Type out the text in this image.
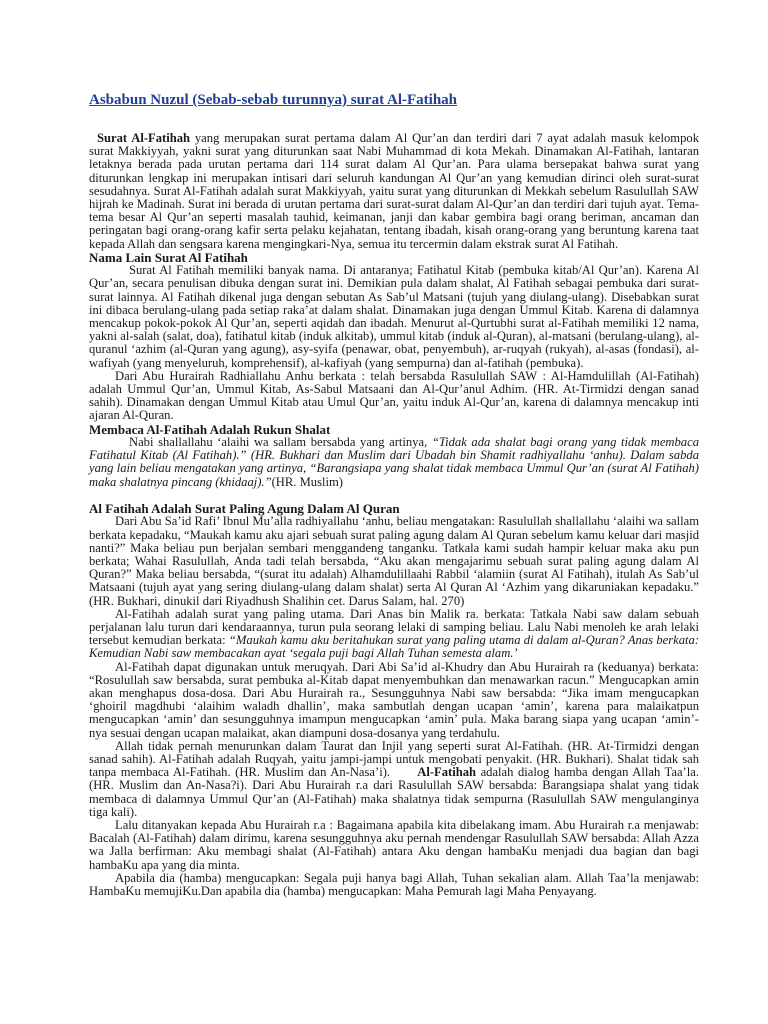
Asbabun Nuzul (Sebab-sebab turunnya) surat Al-Fatihah

Surat Al-Fatihah yang merupakan surat pertama dalam Al Qur’an dan terdiri dari 7 ayat adalah masuk kelompok surat Makkiyyah, yakni surat yang diturunkan saat Nabi Muhammad di kota Mekah. Dinamakan Al-Fatihah, lantaran letaknya berada pada urutan pertama dari 114 surat dalam Al Qur’an. Para ulama bersepakat bahwa surat yang diturunkan lengkap ini merupakan intisari dari seluruh kandungan Al Qur’an yang kemudian dirinci oleh surat-surat sesudahnya. Surat Al-Fatihah adalah surat Makkiyyah, yaitu surat yang diturunkan di Mekkah sebelum Rasulullah SAW hijrah ke Madinah. Surat ini berada di urutan pertama dari surat-surat dalam Al-Qur’an dan terdiri dari tujuh ayat. Tema-tema besar Al Qur’an seperti masalah tauhid, keimanan, janji dan kabar gembira bagi orang beriman, ancaman dan peringatan bagi orang-orang kafir serta pelaku kejahatan, tentang ibadah, kisah orang-orang yang beruntung karena taat kepada Allah dan sengsara karena mengingkari-Nya, semua itu tercermin dalam ekstrak surat Al Fatihah.

Nama Lain Surat Al Fatihah

Surat Al Fatihah memiliki banyak nama. Di antaranya; Fatihatul Kitab (pembuka kitab/Al Qur’an). Karena Al Qur’an, secara penulisan dibuka dengan surat ini. Demikian pula dalam shalat, Al Fatihah sebagai pembuka dari surat-surat lainnya. Al Fatihah dikenal juga dengan sebutan As Sab’ul Matsani (tujuh yang diulang-ulang). Disebabkan surat ini dibaca berulang-ulang pada setiap raka’at dalam shalat. Dinamakan juga dengan Ummul Kitab. Karena di dalamnya mencakup pokok-pokok Al Qur’an, seperti aqidah dan ibadah. Menurut al-Qurtubhi surat al-Fatihah memiliki 12 nama, yakni al-salah (salat, doa), fatihatul kitab (induk alkitab), ummul kitab (induk al-Quran), al-matsani (berulang-ulang), al-quranul ‘azhim (al-Quran yang agung), asy-syifa (penawar, obat, penyembuh), ar-ruqyah (rukyah), al-asas (fondasi), al-wafiyah (yang menyeluruh, komprehensif), al-kafiyah (yang sempurna) dan al-fatihah (pembuka).

Dari Abu Hurairah Radhiallahu Anhu berkata : telah bersabda Rasulullah SAW : Al-Hamdulillah (Al-Fatihah) adalah Ummul Qur’an, Ummul Kitab, As-Sabul Matsaani dan Al-Qur’anul Adhim. (HR. At-Tirmidzi dengan sanad sahih). Dinamakan dengan Ummul Kitab atau Umul Qur’an, yaitu induk Al-Qur’an, karena di dalamnya mencakup inti ajaran Al-Quran.

Membaca Al-Fatihah Adalah Rukun Shalat

Nabi shallallahu ‘alaihi wa sallam bersabda yang artinya, “Tidak ada shalat bagi orang yang tidak membaca Fatihatul Kitab (Al Fatihah).” (HR. Bukhari dan Muslim dari Ubadah bin Shamit radhiyallahu ‘anhu). Dalam sabda yang lain beliau mengatakan yang artinya, “Barangsiapa yang shalat tidak membaca Ummul Qur’an (surat Al Fatihah) maka shalatnya pincang (khidaaj).”(HR. Muslim)

Al Fatihah Adalah Surat Paling Agung Dalam Al Quran

Dari Abu Sa’id Rafi’ Ibnul Mu’alla radhiyallahu ‘anhu, beliau mengatakan: Rasulullah shallallahu ‘alaihi wa sallam berkata kepadaku, “Maukah kamu aku ajari sebuah surat paling agung dalam Al Quran sebelum kamu keluar dari masjid nanti?” Maka beliau pun berjalan sembari menggandeng tanganku. Tatkala kami sudah hampir keluar maka aku pun berkata; Wahai Rasulullah, Anda tadi telah bersabda, “Aku akan mengajarimu sebuah surat paling agung dalam Al Quran?” Maka beliau bersabda, “(surat itu adalah) Alhamdulillaahi Rabbil ‘alamiin (surat Al Fatihah), itulah As Sab’ul Matsaani (tujuh ayat yang sering diulang-ulang dalam shalat) serta Al Quran Al ‘Azhim yang dikaruniakan kepadaku.” (HR. Bukhari, dinukil dari Riyadhush Shalihin cet. Darus Salam, hal. 270)

Al-Fatihah adalah surat yang paling utama. Dari Anas bin Malik ra. berkata: Tatkala Nabi saw dalam sebuah perjalanan lalu turun dari kendaraannya, turun pula seorang lelaki di samping beliau. Lalu Nabi menoleh ke arah lelaki tersebut kemudian berkata: “Maukah kamu aku beritahukan surat yang paling utama di dalam al-Quran? Anas berkata: Kemudian Nabi saw membacakan ayat ‘segala puji bagi Allah Tuhan semesta alam.’

Al-Fatihah dapat digunakan untuk meruqyah. Dari Abi Sa’id al-Khudry dan Abu Hurairah ra (keduanya) berkata: “Rosulullah saw bersabda, surat pembuka al-Kitab dapat menyembuhkan dan menawarkan racun.” Mengucapkan amin akan menghapus dosa-dosa. Dari Abu Hurairah ra., Sesungguhnya Nabi saw bersabda: “Jika imam mengucapkan ‘ghoiril magdhubi ‘alaihim waladh dhallin’, maka sambutlah dengan ucapan ‘amin’, karena para malaikatpun mengucapkan ‘amin’ dan sesungguhnya imampun mengucapkan ‘amin’ pula. Maka barang siapa yang ucapan ‘amin’-nya sesuai dengan ucapan malaikat, akan diampuni dosa-dosanya yang terdahulu.

Allah tidak pernah menurunkan dalam Taurat dan Injil yang seperti surat Al-Fatihah. (HR. At-Tirmidzi dengan sanad sahih). Al-Fatihah adalah Ruqyah, yaitu jampi-jampi untuk mengobati penyakit. (HR. Bukhari). Shalat tidak sah tanpa membaca Al-Fatihah. (HR. Muslim dan An-Nasa’i). Al-Fatihah adalah dialog hamba dengan Allah Taa’la. (HR. Muslim dan An-Nasa?i). Dari Abu Hurairah r.a dari Rasulullah SAW bersabda: Barangsiapa shalat yang tidak membaca di dalamnya Ummul Qur’an (Al-Fatihah) maka shalatnya tidak sempurna (Rasulullah SAW mengulanginya tiga kali).

Lalu ditanyakan kepada Abu Hurairah r.a : Bagaimana apabila kita dibelakang imam. Abu Hurairah r.a menjawab: Bacalah (Al-Fatihah) dalam dirimu, karena sesungguhnya aku pernah mendengar Rasulullah SAW bersabda: Allah Azza wa Jalla berfirman: Aku membagi shalat (Al-Fatihah) antara Aku dengan hambaKu menjadi dua bagian dan bagi hambaKu apa yang dia minta.

Apabila dia (hamba) mengucapkan: Segala puji hanya bagi Allah, Tuhan sekalian alam. Allah Taa’la menjawab: HambaKu memujiKu.Dan apabila dia (hamba) mengucapkan: Maha Pemurah lagi Maha Penyayang.
